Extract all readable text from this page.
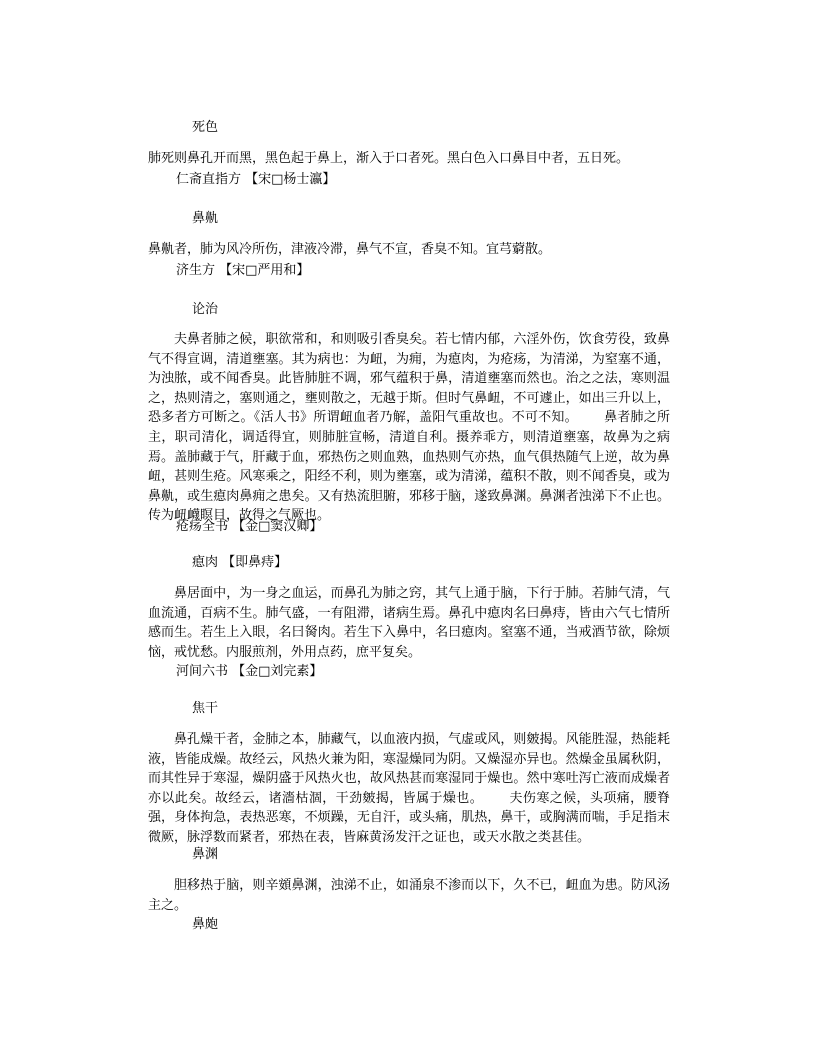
死色
肺死则鼻孔开而黑，黑色起于鼻上，渐入于口者死。黑白色入口鼻目中者，五日死。
仁斋直指方 【宋□杨士瀛】
鼻鼽
鼻鼽者，肺为风冷所伤，津液冷滞，鼻气不宣，香臭不知。宜芎藭散。
济生方 【宋□严用和】
论治
夫鼻者肺之候，职欲常和，和则吸引香臭矣。若七情内郁，六淫外伤，饮食劳役，致鼻气不得宣调，清道壅塞。其为病也：为衄，为痈，为瘜肉，为疮疡，为清涕，为窒塞不通，为浊脓，或不闻香臭。此皆肺脏不调，邪气蕴积于鼻，清道壅塞而然也。治之之法，寒则温之，热则清之，塞则通之，壅则散之，无越于斯。但时气鼻衄，不可遽止，如出三升以上，恐多者方可断之。《活人书》所谓衄血者乃解，盖阳气重故也。不可不知。 鼻者肺之所主，职司清化，调适得宜，则肺脏宣畅，清道自利。摄养乖方，则清道壅塞，故鼻为之病焉。盖肺藏于气，肝藏于血，邪热伤之则血熟，血热则气亦热，血气俱热随气上逆，故为鼻衄，甚则生疮。风寒乘之，阳经不利，则为壅塞，或为清涕，蕴积不散，则不闻香臭，或为鼻鼽，或生瘜肉鼻痈之患矣。又有热流胆腑，邪移于脑，遂致鼻渊。鼻渊者浊涕下不止也。传为衄衊瞑目，故得之气厥也。
疮疡全书 【金□窦汉卿】
瘜肉 【即鼻痔】
鼻居面中，为一身之血运，而鼻孔为肺之窍，其气上通于脑，下行于肺。若肺气清，气血流通，百病不生。肺气盛，一有阻滞，诸病生焉。鼻孔中瘜肉名曰鼻痔，皆由六气七情所感而生。若生上入眼，名曰胬肉。若生下入鼻中，名曰瘜肉。窒塞不通，当戒酒节欲，除烦恼，戒忧愁。内服煎剂，外用点药，庶平复矣。
河间六书 【金□刘完素】
焦干
鼻孔燥干者，金肺之本，肺藏气，以血液内损，气虚或风，则皴揭。风能胜湿，热能耗液，皆能成燥。故经云，风热火兼为阳，寒湿燥同为阴。又燥湿亦异也。然燥金虽属秋阴，而其性异于寒湿，燥阴盛于风热火也，故风热甚而寒湿同于燥也。然中寒吐泻亡液而成燥者亦以此矣。故经云，诸濇枯涸，干劲皴揭，皆属于燥也。 夫伤寒之候，头项痛，腰脊强，身体拘急，表热恶寒，不烦躁，无自汗，或头痛，肌热，鼻干，或胸满而喘，手足指末微厥，脉浮数而紧者，邪热在表，皆麻黄汤发汗之证也，或天水散之类甚佳。
鼻渊
胆移热于脑，则辛頞鼻渊，浊涕不止，如涌泉不渗而以下，久不已，衄血为患。防风汤主之。
鼻皰
